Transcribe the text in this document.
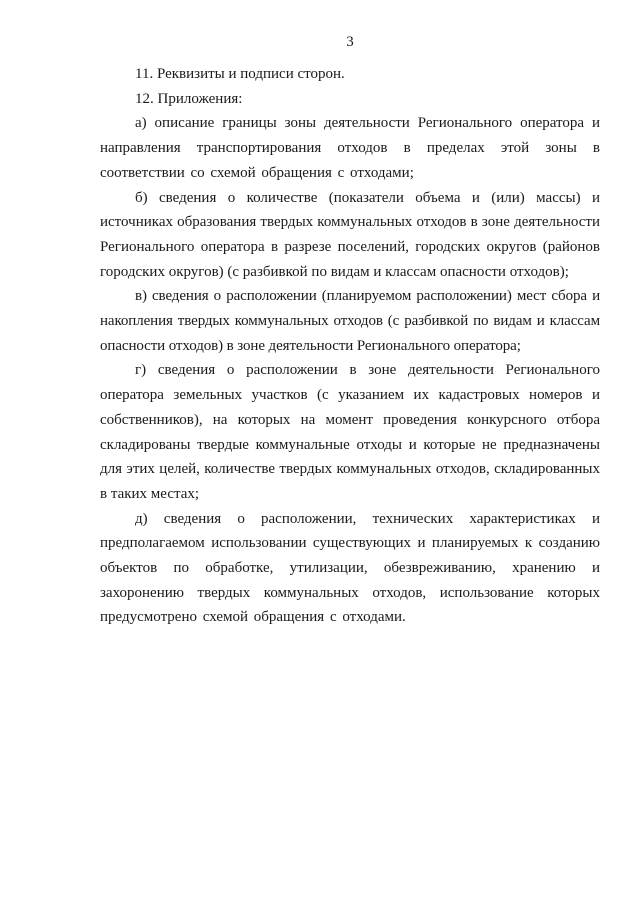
3

11. Реквизиты и подписи сторон.

12. Приложения:

а) описание границы зоны деятельности Регионального оператора и направления транспортирования отходов в пределах этой зоны в соответствии со схемой обращения с отходами;

б) сведения о количестве (показатели объема и (или) массы) и источниках образования твердых коммунальных отходов в зоне деятельности Регионального оператора в разрезе поселений, городских округов (районов городских округов) (с разбивкой по видам и классам опасности отходов);

в) сведения о расположении (планируемом расположении) мест сбора и накопления твердых коммунальных отходов (с разбивкой по видам и классам опасности отходов) в зоне деятельности Регионального оператора;

г) сведения о расположении в зоне деятельности Регионального оператора земельных участков (с указанием их кадастровых номеров и собственников), на которых на момент проведения конкурсного отбора складированы твердые коммунальные отходы и которые не предназначены для этих целей, количестве твердых коммунальных отходов, складированных в таких местах;

д) сведения о расположении, технических характеристиках и предполагаемом использовании существующих и планируемых к созданию объектов по обработке, утилизации, обезвреживанию, хранению и захоронению твердых коммунальных отходов, использование которых предусмотрено схемой обращения с отходами.
